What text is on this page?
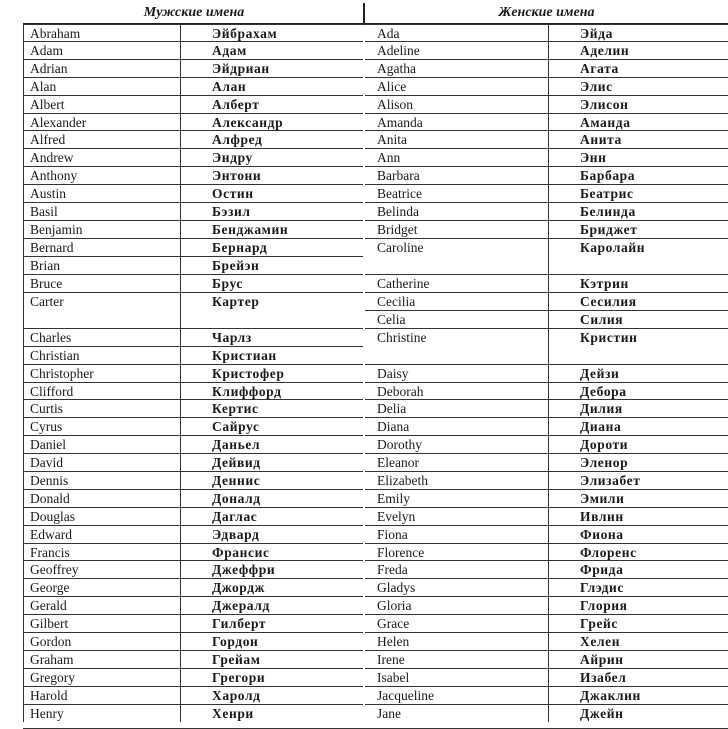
Мужские имена	Женские имена
Abraham	Эйбрахам
Adam	Адам
Adrian	Эйдриан
Alan	Алан
Albert	Алберт
Alexander	Александр
Alfred	Алфред
Andrew	Эндру
Anthony	Энтони
Austin	Остин
Basil	Бэзил
Benjamin	Бенджамин
Bernard	Бернард
Brian	Брейэн
Bruce	Брус
Carter	Картер
Charles	Чарлз
Christian	Кристиан
Christopher	Кристофер
Clifford	Клиффорд
Curtis	Кертис
Cyrus	Сайрус
Daniel	Даньел
David	Дейвид
Dennis	Деннис
Donald	Доналд
Douglas	Даглас
Edward	Эдвард
Francis	Франсис
Geoffrey	Джеффри
George	Джордж
Gerald	Джералд
Gilbert	Гилберт
Gordon	Гордон
Graham	Грейам
Gregory	Грегори
Harold	Харолд
Henry	Хенри
Ada	Эйда
Adeline	Аделин
Agatha	Агата
Alice	Элис
Alison	Элисон
Amanda	Аманда
Anita	Анита
Ann	Энн
Barbara	Барбара
Beatrice	Беатрис
Belinda	Белинда
Bridget	Бриджет
Caroline	Каролайн
Catherine	Кэтрин
Cecilia	Сесилия
Celia	Силия
Christine	Кристин
Daisy	Дейзи
Deborah	Дебора
Delia	Дилия
Diana	Диана
Dorothy	Дороти
Eleanor	Эленор
Elizabeth	Элизабет
Emily	Эмили
Evelyn	Ивлин
Fiona	Фиона
Florence	Флоренс
Freda	Фрида
Gladys	Глэдис
Gloria	Глория
Grace	Грейс
Helen	Хелен
Irene	Айрин
Isabel	Изабел
Jacqueline	Джаклин
Jane	Джейн
